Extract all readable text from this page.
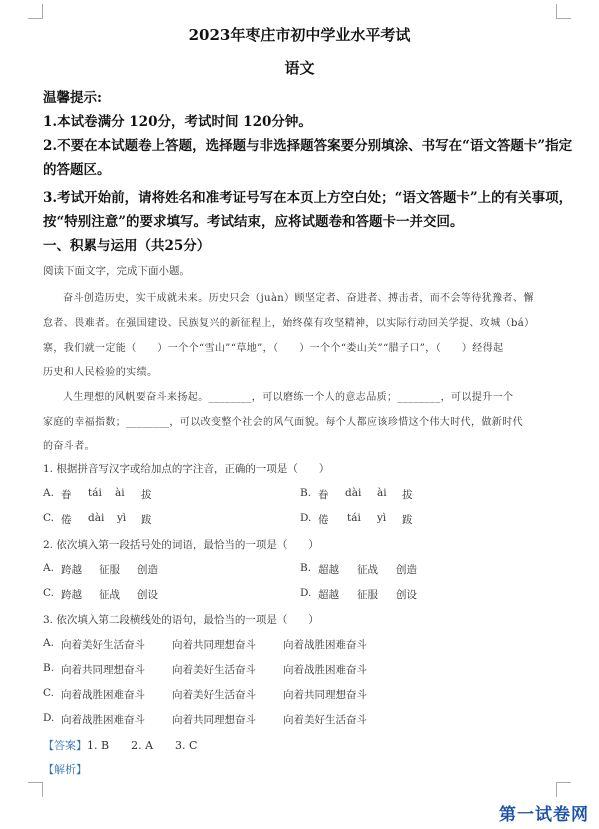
2023年枣庄市初中学业水平考试
语文
温馨提示:
1.本试卷满分 120分，考试时间 120分钟。
2.不要在本试题卷上答题，选择题与非选择题答案要分别填涂、书写在“语文答题卡”指定
的答题区。
3.考试开始前，请将姓名和准考证号写在本页上方空白处；“语文答题卡”上的有关事项，
按“特别注意”的要求填写。考试结束，应将试题卷和答题卡一并交回。
一、积累与运用（共25分）
阅读下面文字，完成下面小题。
奋斗创造历史，实干成就未来。历史只会（juàn）顾坚定者、奋进者、搏击者，而不会等待犹豫者、懈
怠者、畏难者。在强国建设、民族复兴的新征程上，始终葆有攻坚精神，以实际行动回关学提、攻城（bá）
寨，我们就一定能（　　）一个个“雪山”“草地”，（　　）一个个“娄山关”“腊子口”，（　　）经得起
历史和人民检验的实绩。
人生理想的风帆要奋斗来扬起。________，可以磨练一个人的意志品质；________，可以提升一个
家庭的幸福指数；________，可以改变整个社会的风气面貌。每个人都应该珍惜这个伟大时代，做新时代
的奋斗者。
1. 根据拼音写汉字或给加点的字注音，正确的一项是（　　）
A. 眷 tái ài 拔	B. 眷 dài ài 拔
C. 倦 dài yì 跋	D. 倦 tái yì 跋
2. 依次填入第一段括号处的词语，最恰当的一项是（　　）
A. 跨越 征服 创造	B. 超越 征战 创造
C. 跨越 征战 创设	D. 超越 征服 创设
3. 依次填入第二段横线处的语句，最恰当的一项是（　　）
A. 向着美好生活奋斗	向着共同理想奋斗	向着战胜困难奋斗
B. 向着共同理想奋斗	向着美好生活奋斗	向着战胜困难奋斗
C. 向着战胜困难奋斗	向着美好生活奋斗	向着共同理想奋斗
D. 向着战胜困难奋斗	向着共同理想奋斗	向着美好生活奋斗
【答案】1. B　　2. A　　3. C
【解析】
第一试卷网
